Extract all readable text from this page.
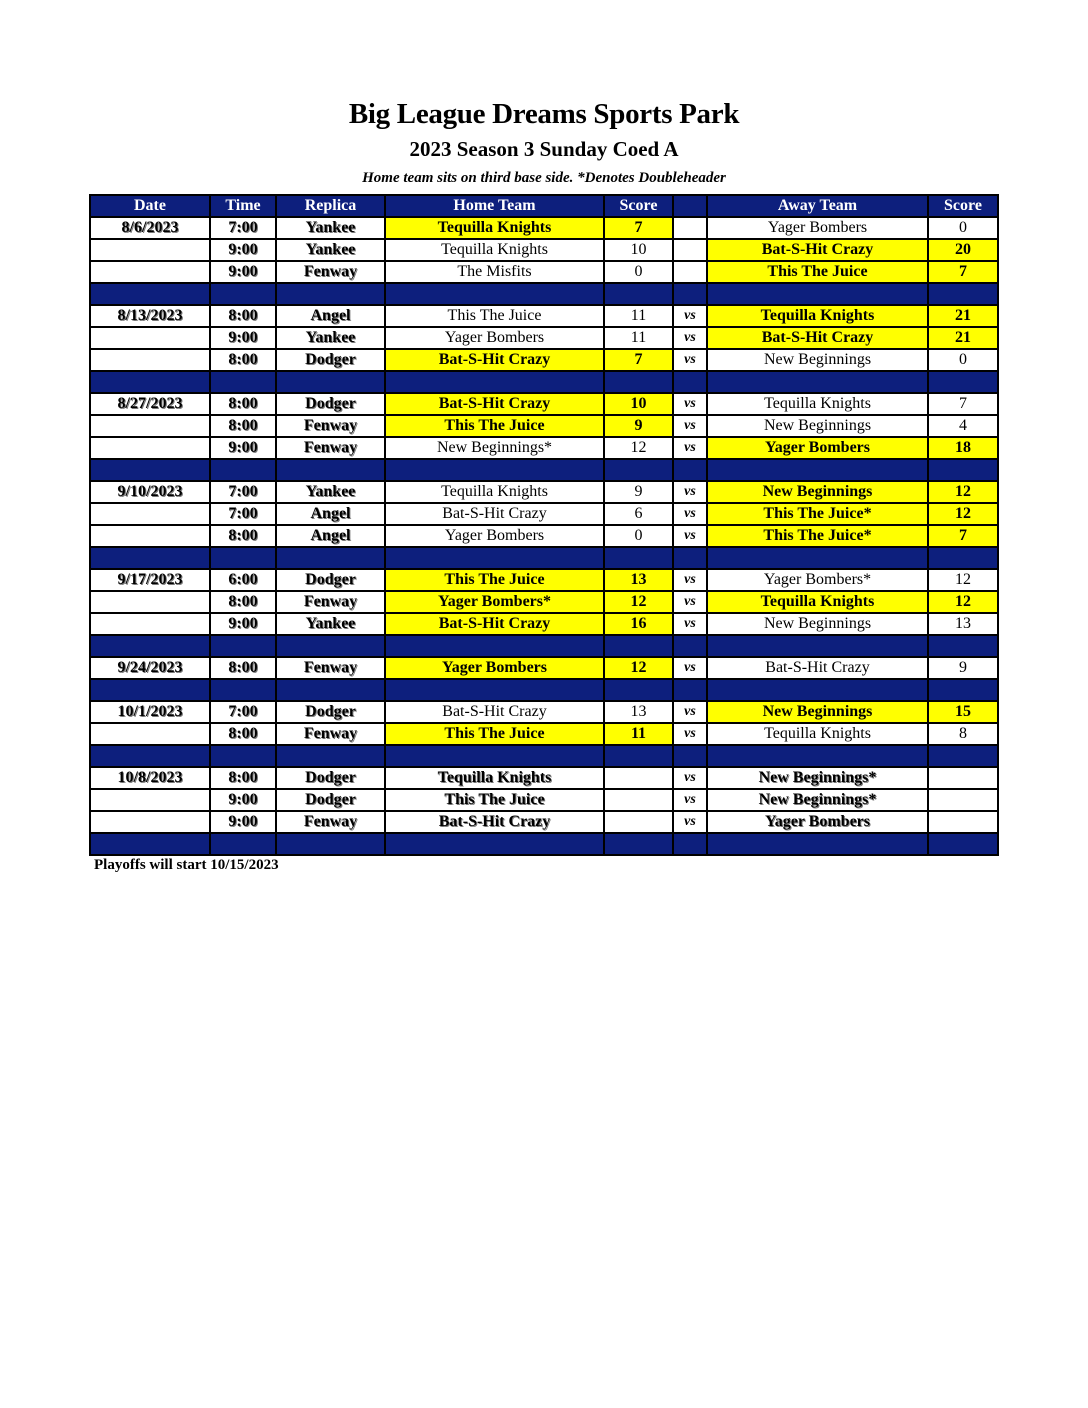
Big League Dreams Sports Park
2023 Season 3 Sunday Coed A
Home team sits on third base side. *Denotes Doubleheader
Date	Time	Replica	Home Team	Score		Away Team	Score
8/6/2023	7:00	Yankee	Tequilla Knights	7		Yager Bombers	0
	9:00	Yankee	Tequilla Knights	10		Bat-S-Hit Crazy	20
	9:00	Fenway	The Misfits	0		This The Juice	7

8/13/2023	8:00	Angel	This The Juice	11	vs	Tequilla Knights	21
	9:00	Yankee	Yager Bombers	11	vs	Bat-S-Hit Crazy	21
	8:00	Dodger	Bat-S-Hit Crazy	7	vs	New Beginnings	0

8/27/2023	8:00	Dodger	Bat-S-Hit Crazy	10	vs	Tequilla Knights	7
	8:00	Fenway	This The Juice	9	vs	New Beginnings	4
	9:00	Fenway	New Beginnings*	12	vs	Yager Bombers	18

9/10/2023	7:00	Yankee	Tequilla Knights	9	vs	New Beginnings	12
	7:00	Angel	Bat-S-Hit Crazy	6	vs	This The Juice*	12
	8:00	Angel	Yager Bombers	0	vs	This The Juice*	7

9/17/2023	6:00	Dodger	This The Juice	13	vs	Yager Bombers*	12
	8:00	Fenway	Yager Bombers*	12	vs	Tequilla Knights	12
	9:00	Yankee	Bat-S-Hit Crazy	16	vs	New Beginnings	13

9/24/2023	8:00	Fenway	Yager Bombers	12	vs	Bat-S-Hit Crazy	9

10/1/2023	7:00	Dodger	Bat-S-Hit Crazy	13	vs	New Beginnings	15
	8:00	Fenway	This The Juice	11	vs	Tequilla Knights	8

10/8/2023	8:00	Dodger	Tequilla Knights		vs	New Beginnings*	
	9:00	Dodger	This The Juice		vs	New Beginnings*	
	9:00	Fenway	Bat-S-Hit Crazy		vs	Yager Bombers	

Playoffs will start 10/15/2023
